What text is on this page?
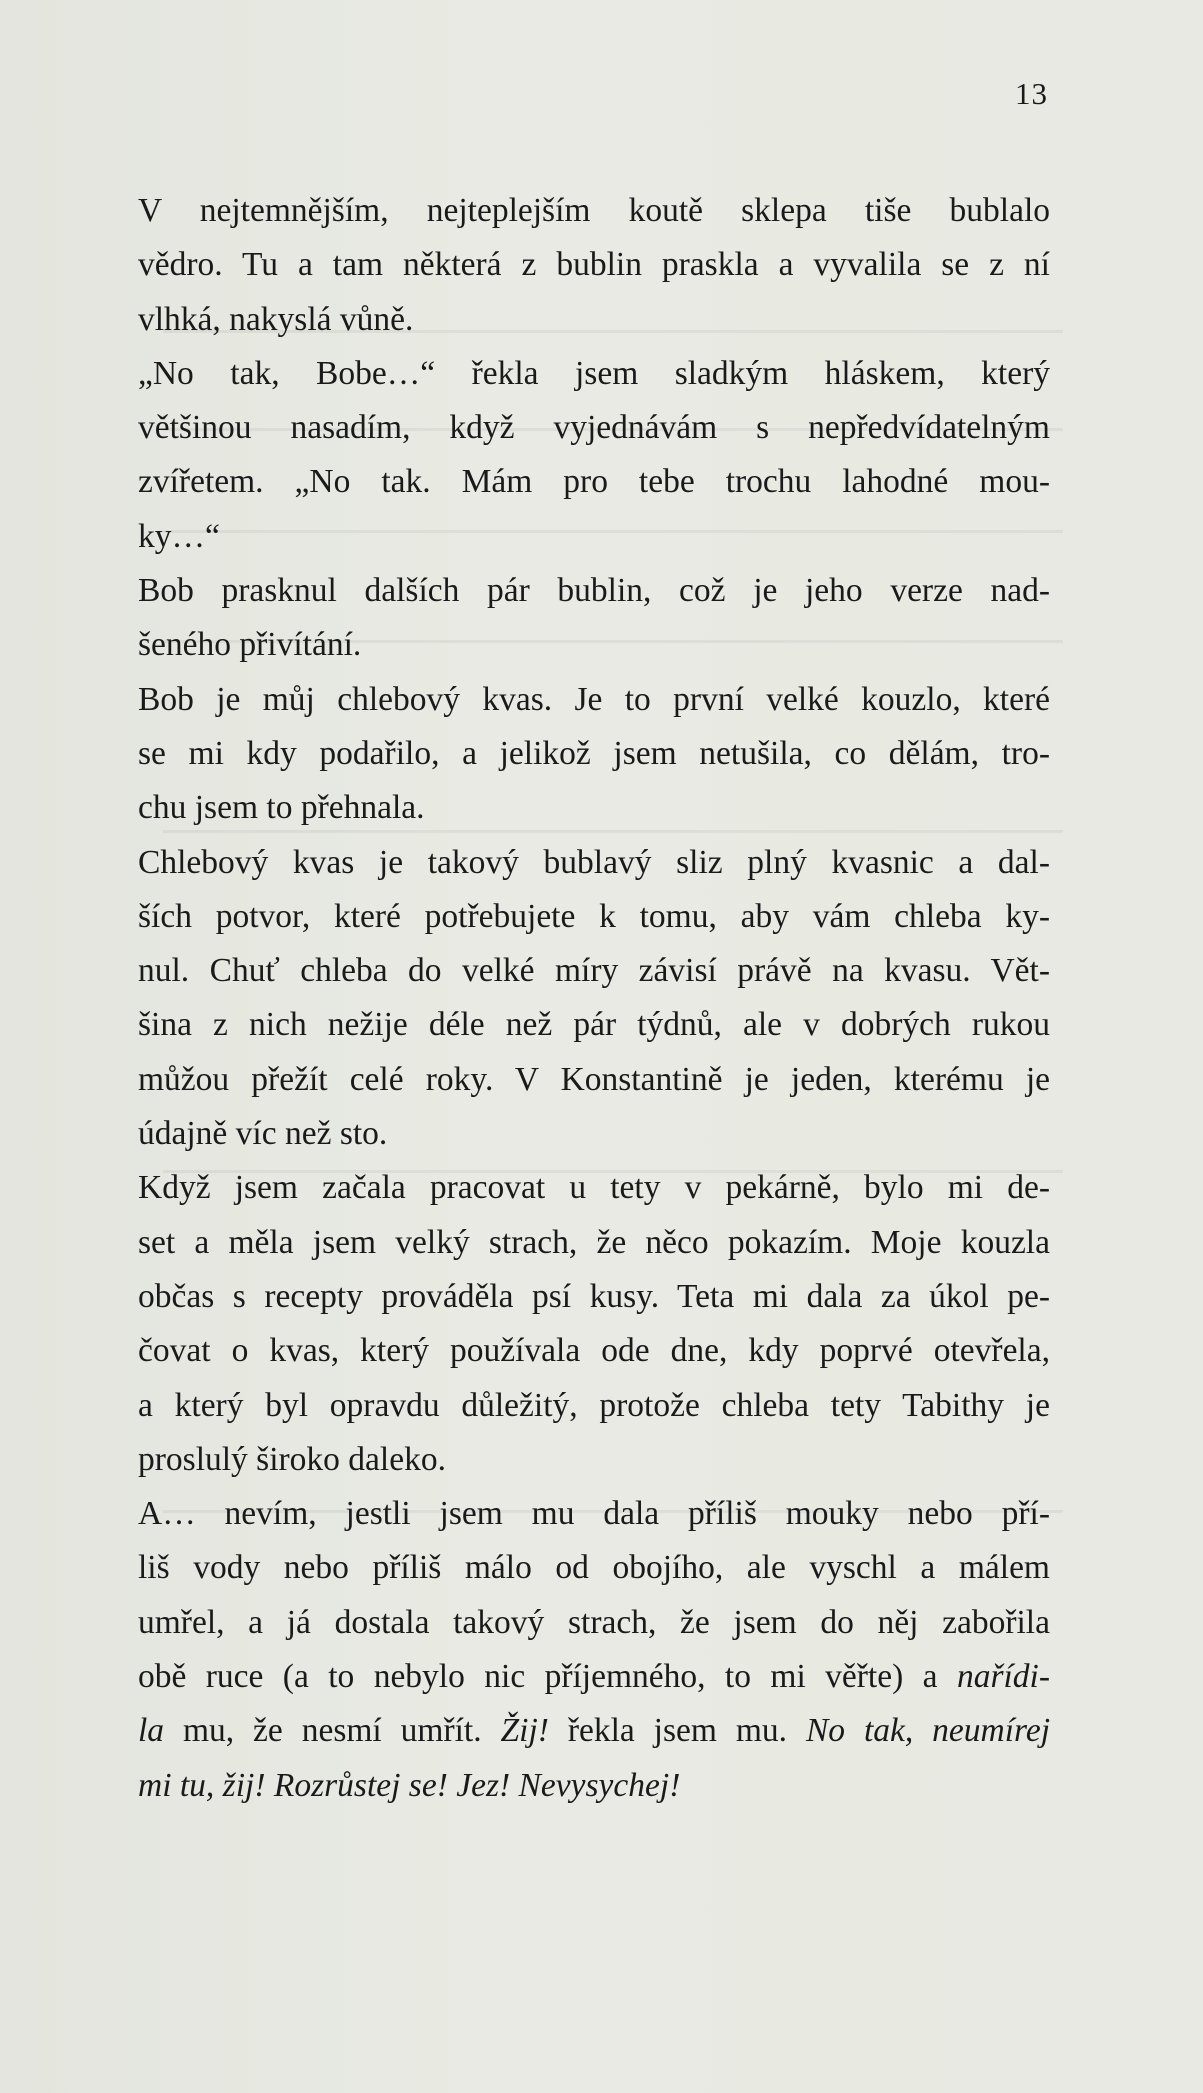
13
V nejtemnějším, nejteplejším koutě sklepa tiše bublalo
vědro. Tu a tam některá z bublin praskla a vyvalila se z ní
vlhká, nakyslá vůně.
„No tak, Bobe…“ řekla jsem sladkým hláskem, který
většinou nasadím, když vyjednávám s nepředvídatelným
zvířetem. „No tak. Mám pro tebe trochu lahodné mou-
ky…“
Bob prasknul dalších pár bublin, což je jeho verze nad-
šeného přivítání.
Bob je můj chlebový kvas. Je to první velké kouzlo, které
se mi kdy podařilo, a jelikož jsem netušila, co dělám, tro-
chu jsem to přehnala.
Chlebový kvas je takový bublavý sliz plný kvasnic a dal-
ších potvor, které potřebujete k tomu, aby vám chleba ky-
nul. Chuť chleba do velké míry závisí právě na kvasu. Vět-
šina z nich nežije déle než pár týdnů, ale v dobrých rukou
můžou přežít celé roky. V Konstantině je jeden, kterému je
údajně víc než sto.
Když jsem začala pracovat u tety v pekárně, bylo mi de-
set a měla jsem velký strach, že něco pokazím. Moje kouzla
občas s recepty prováděla psí kusy. Teta mi dala za úkol pe-
čovat o kvas, který používala ode dne, kdy poprvé otevřela,
a který byl opravdu důležitý, protože chleba tety Tabithy je
proslulý široko daleko.
A… nevím, jestli jsem mu dala příliš mouky nebo pří-
liš vody nebo příliš málo od obojího, ale vyschl a málem
umřel, a já dostala takový strach, že jsem do něj zabořila
obě ruce (a to nebylo nic příjemného, to mi věřte) a nařídi-
la mu, že nesmí umřít. Žij! řekla jsem mu. No tak, neumírej
mi tu, žij! Rozrůstej se! Jez! Nevysychej!
